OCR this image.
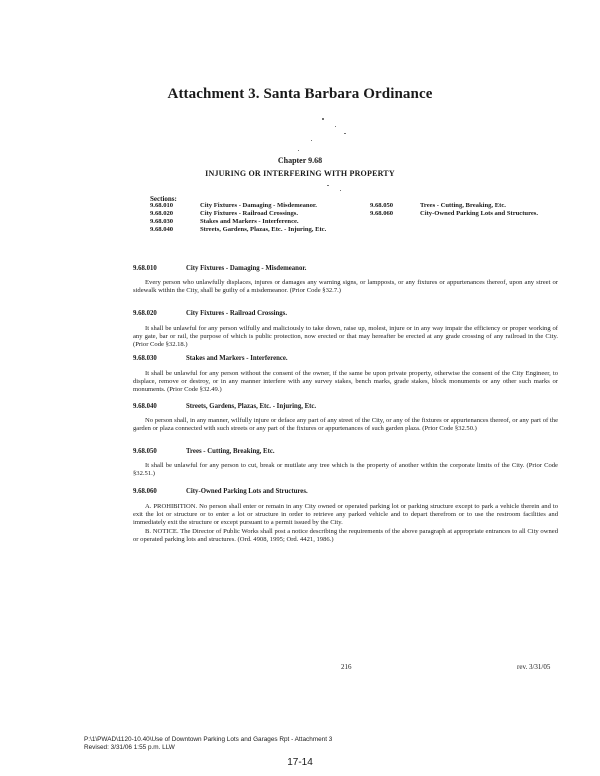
Attachment 3. Santa Barbara Ordinance
Chapter 9.68
INJURING OR INTERFERING WITH PROPERTY
Sections:
9.68.010	City Fixtures - Damaging - Misdemeanor.
9.68.020	City Fixtures - Railroad Crossings.
9.68.030	Stakes and Markers - Interference.
9.68.040	Streets, Gardens, Plazas, Etc. - Injuring, Etc.
9.68.050	Trees - Cutting, Breaking, Etc.
9.68.060	City-Owned Parking Lots and Structures.
9.68.010	City Fixtures - Damaging - Misdemeanor.
Every person who unlawfully displaces, injures or damages any warning signs, or lampposts, or any fixtures or appurtenances thereof, upon any street or sidewalk within the City, shall be guilty of a misdemeanor. (Prior Code §32.7.)
9.68.020	City Fixtures - Railroad Crossings.
It shall be unlawful for any person wilfully and maliciously to take down, raise up, molest, injure or in any way impair the efficiency or proper working of any gate, bar or rail, the purpose of which is public protection, now erected or that may hereafter be erected at any grade crossing of any railroad in the City. (Prior Code §32.18.)
9.68.030	Stakes and Markers - Interference.
It shall be unlawful for any person without the consent of the owner, if the same be upon private property, otherwise the consent of the City Engineer, to displace, remove or destroy, or in any manner interfere with any survey stakes, bench marks, grade stakes, block monuments or any other such marks or monuments. (Prior Code §32.49.)
9.68.040	Streets, Gardens, Plazas, Etc. - Injuring, Etc.
No person shall, in any manner, wilfully injure or deface any part of any street of the City, or any of the fixtures or appurtenances thereof, or any part of the garden or plaza connected with such streets or any part of the fixtures or appurtenances of such garden plaza. (Prior Code §32.50.)
9.68.050	Trees - Cutting, Breaking, Etc.
It shall be unlawful for any person to cut, break or mutilate any tree which is the property of another within the corporate limits of the City. (Prior Code §32.51.)
9.68.060	City-Owned Parking Lots and Structures.

A. PROHIBITION. No person shall enter or remain in any City owned or operated parking lot or parking structure except to park a vehicle therein and to exit the lot or structure or to enter a lot or structure in order to retrieve any parked vehicle and to depart therefrom or to use the restroom facilities and immediately exit the structure or except pursuant to a permit issued by the City.

B. NOTICE. The Director of Public Works shall post a notice describing the requirements of the above paragraph at appropriate entrances to all City owned or operated parking lots and structures. (Ord. 4908, 1995; Ord. 4421, 1986.)

216	rev. 3/31/05
P:\1\PWAD\1120-10.40\Use of Downtown Parking Lots and Garages Rpt - Attachment 3
Revised: 3/31/06 1:55 p.m. LLW
17-14
